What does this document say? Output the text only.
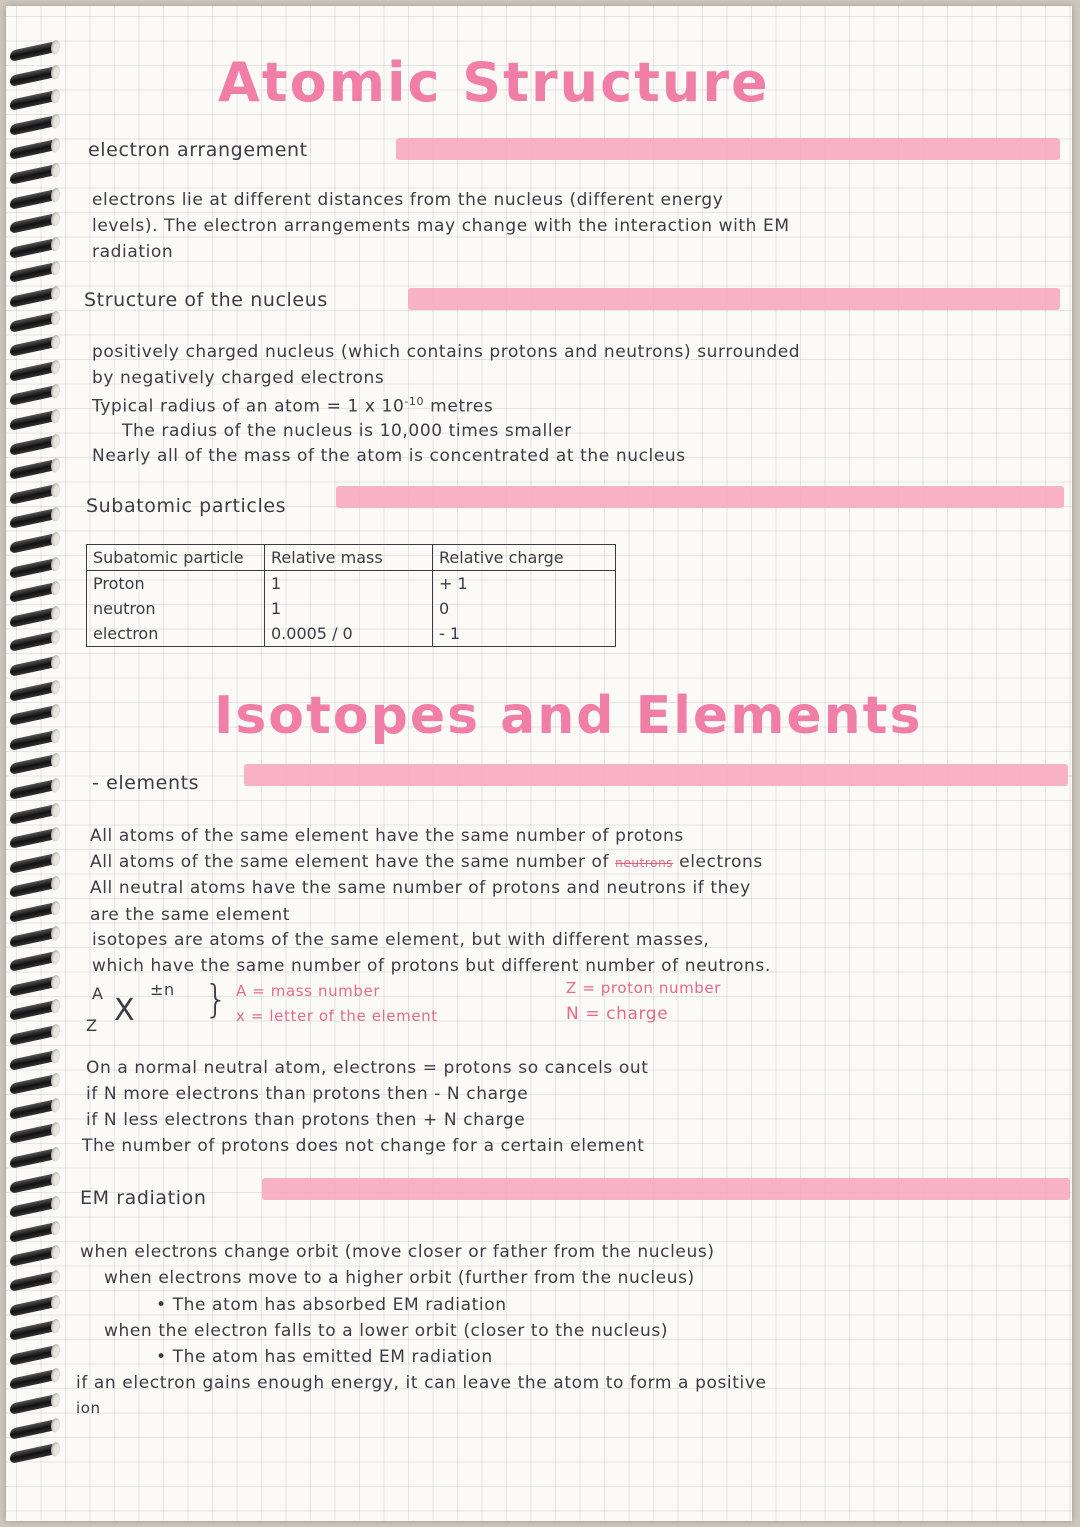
Atomic Structure
electron arrangement
electrons lie at different distances from the nucleus (different energy
levels). The electron arrangements may change with the interaction with EM
radiation
Structure of the nucleus
positively charged nucleus (which contains protons and neutrons) surrounded
by negatively charged electrons
Typical radius of an atom = 1 x $10^{-10}$ metres
The radius of the nucleus is 10,000 times smaller
Nearly all of the mass of the atom is concentrated at the nucleus
Subatomic particles
Subatomic particle	Relative mass	Relative charge
Proton	1	+ 1
neutron	1	0
electron	0.0005 / 0	- 1
Isotopes and Elements
- elements
All atoms of the same element have the same number of protons
All atoms of the same element have the same number of neutrons electrons
All neutral atoms have the same number of protons and neutrons if they
are the same element
isotopes are atoms of the same element, but with different masses,
which have the same number of protons but different number of neutrons.
A X
Z
±n } A = mass number
x = letter of the element
Z = proton number
N = charge
On a normal neutral atom, electrons = protons so cancels out
if N more electrons than protons then - N charge
if N less electrons than protons then + N charge
The number of protons does not change for a certain element
EM radiation
when electrons change orbit (move closer or father from the nucleus)
when electrons move to a higher orbit (further from the nucleus)
• The atom has absorbed EM radiation
when the electron falls to a lower orbit (closer to the nucleus)
• The atom has emitted EM radiation
if an electron gains enough energy, it can leave the atom to form a positive
ion
